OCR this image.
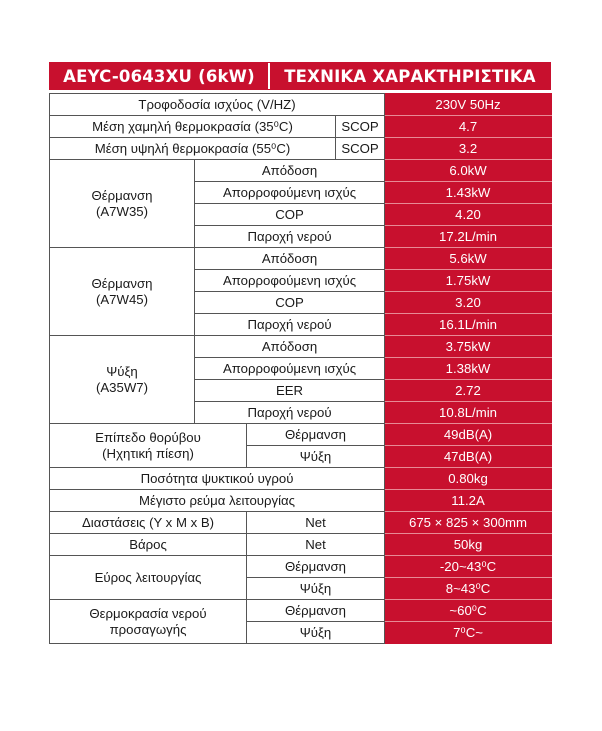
AEYC-0643XU (6kW)	ΤΕΧΝΙΚΑ ΧΑΡΑΚΤΗΡΙΣΤΙΚΑ
Τροφοδοσία ισχύος (V/HZ)				230V 50Hz
Μέση χαμηλή θερμοκρασία (35⁰C)			SCOP	4.7
Μέση υψηλή θερμοκρασία (55⁰C)			SCOP	3.2
Θέρμανση
(A7W35)	Απόδοση			6.0kW
	Απορροφούμενη ισχύς			1.43kW
	COP			4.20
	Παροχή νερού			17.2L/min
Θέρμανση
(A7W45)	Απόδοση			5.6kW
	Απορροφούμενη ισχύς			1.75kW
	COP			3.20
	Παροχή νερού			16.1L/min
Ψύξη
(A35W7)	Απόδοση			3.75kW
	Απορροφούμενη ισχύς			1.38kW
	EER			2.72
	Παροχή νερού			10.8L/min
Επίπεδο θορύβου
(Ηχητική πίεση)		Θέρμανση		49dB(A)
		Ψύξη		47dB(A)
Ποσότητα ψυκτικού υγρού				0.80kg
Μέγιστο ρεύμα λειτουργίας				11.2A
Διαστάσεις (Υ x M x B)		Net		675 × 825 × 300mm
Βάρος		Net		50kg
Εύρος λειτουργίας		Θέρμανση		-20~43⁰C
		Ψύξη		8~43⁰C
Θερμοκρασία νερού
προσαγωγής		Θέρμανση		~60⁰C
		Ψύξη		7⁰C~
